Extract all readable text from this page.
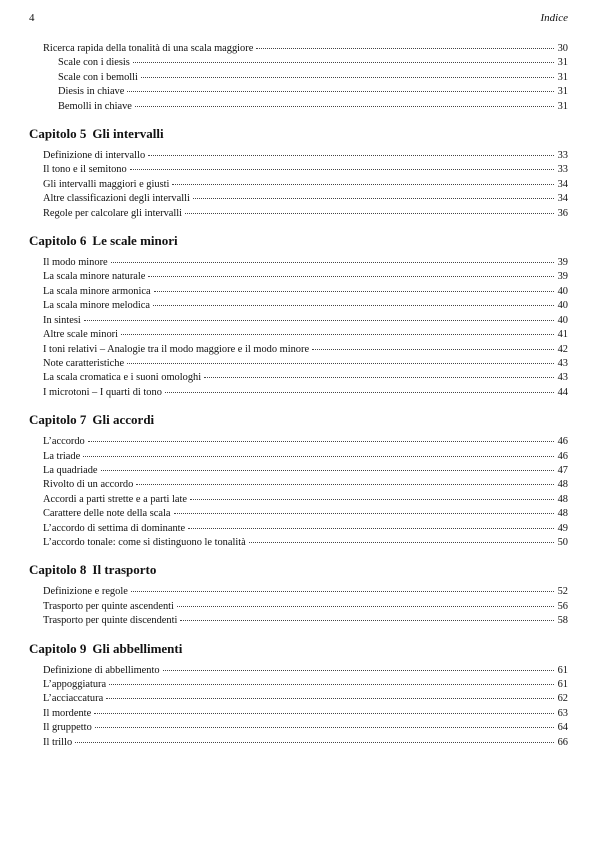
4	Indice
Ricerca rapida della tonalità di una scala maggiore	30
Scale con i diesis	31
Scale con i bemolli	31
Diesis in chiave	31
Bemolli in chiave	31
Capitolo 5 Gli intervalli
Definizione di intervallo	33
Il tono e il semitono	33
Gli intervalli maggiori e giusti	34
Altre classificazioni degli intervalli	34
Regole per calcolare gli intervalli	36
Capitolo 6 Le scale minori
Il modo minore	39
La scala minore naturale	39
La scala minore armonica	40
La scala minore melodica	40
In sintesi	40
Altre scale minori	41
I toni relativi – Analogie tra il modo maggiore e il modo minore	42
Note caratteristiche	43
La scala cromatica e i suoni omologhi	43
I microtoni – I quarti di tono	44
Capitolo 7 Gli accordi
L’accordo	46
La triade	46
La quadriade	47
Rivolto di un accordo	48
Accordi a parti strette e a parti late	48
Carattere delle note della scala	48
L’accordo di settima di dominante	49
L’accordo tonale: come si distinguono le tonalità	50
Capitolo 8 Il trasporto
Definizione e regole	52
Trasporto per quinte ascendenti	56
Trasporto per quinte discendenti	58
Capitolo 9 Gli abbellimenti
Definizione di abbellimento	61
L’appoggiatura	61
L’acciaccatura	62
Il mordente	63
Il gruppetto	64
Il trillo	66
